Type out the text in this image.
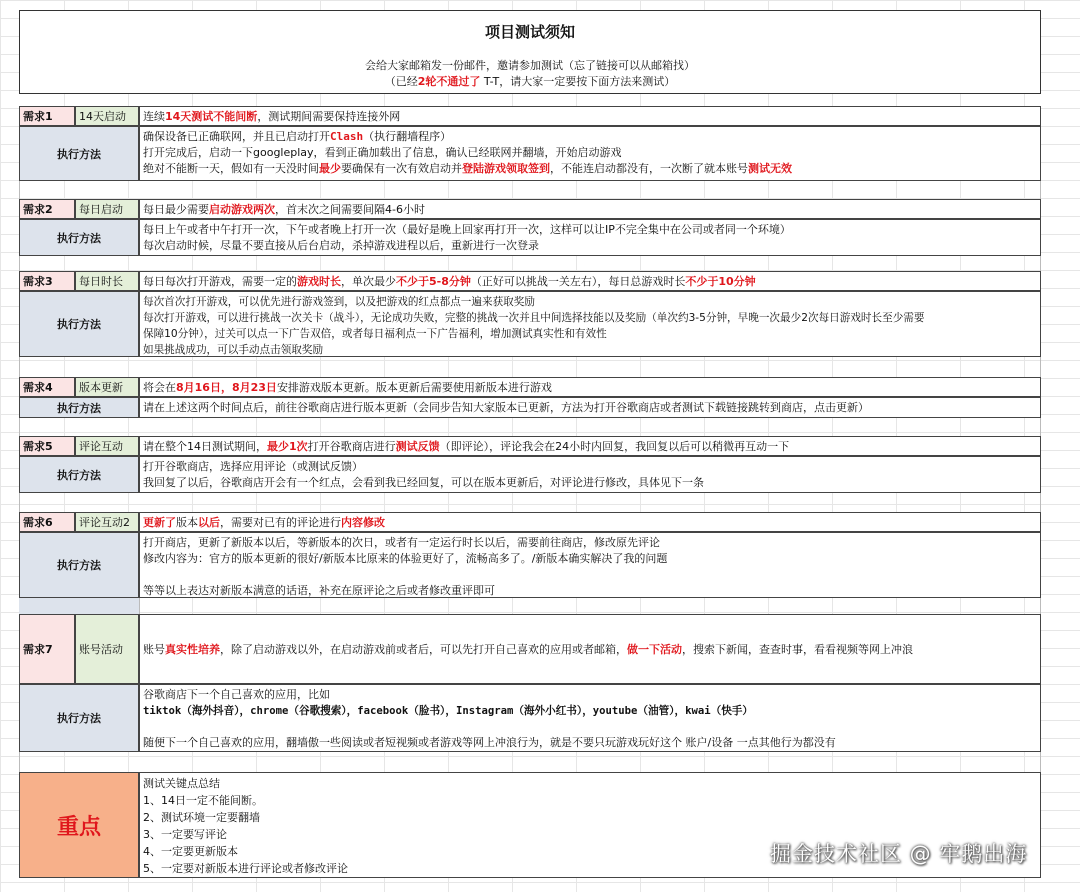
项目测试须知
会给大家邮箱发一份邮件，邀请参加测试（忘了链接可以从邮箱找）
（已经2轮不通过了 T-T，请大家一定要按下面方法来测试）
需求1	14天启动	连续 14天测试不能间断 ，测试期间需要保持连接外网
执行方法
确保设备已正确联网，并且已启动打开Clash（执行翻墙程序）
打开完成后，启动一下googleplay，看到正确加载出了信息，确认已经联网并翻墙，开始启动游戏
绝对不能断一天，假如有一天没时间最少要确保有一次有效启动并登陆游戏领取签到，不能连启动都没有，一次断了就本账号测试无效
需求2	每日启动	每日最少需要 启动游戏两次 ，首末次之间需要间隔4-6小时
执行方法
每日上午或者中午打开一次，下午或者晚上打开一次（最好是晚上回家再打开一次，这样可以让IP不完全集中在公司或者同一个环境）
每次启动时候，尽量不要直接从后台启动，杀掉游戏进程以后，重新进行一次登录
需求3	每日时长	每日每次打开游戏，需要一定的 游戏时长 ，单次最少 不少于5-8分钟 （正好可以挑战一关左右），每日总游戏时长 不少于10分钟
执行方法
每次首次打开游戏，可以优先进行游戏签到，以及把游戏的红点都点一遍来获取奖励
每次打开游戏，可以进行挑战一次关卡（战斗），无论成功失败，完整的挑战一次并且中间选择技能以及奖励（单次约3-5分钟，早晚一次最少2次每日游戏时长至少需要
保障10分钟），过关可以点一下广告双倍，或者每日福利点一下广告福利，增加测试真实性和有效性
如果挑战成功，可以手动点击领取奖励
需求4	版本更新	将会在 8月16日 ， 8月23日 安排游戏版本更新。版本更新后需要使用新版本进行游戏
执行方法	请在上述这两个时间点后，前往谷歌商店进行版本更新（会同步告知大家版本已更新，方法为打开谷歌商店或者测试下载链接跳转到商店，点击更新）
需求5	评论互动	请在整个14日测试期间， 最少1次 打开谷歌商店进行 测试反馈 （即评论），评论我会在24小时内回复，我回复以后可以稍微再互动一下
执行方法
打开谷歌商店，选择应用评论（或测试反馈）
我回复了以后，谷歌商店开会有一个红点，会看到我已经回复，可以在版本更新后，对评论进行修改，具体见下一条
需求6	评论互动2	更新了 版本 以后 ，需要对已有的评论进行 内容修改
执行方法
打开商店，更新了新版本以后，等新版本的次日，或者有一定运行时长以后，需要前往商店，修改原先评论
修改内容为：官方的版本更新的很好/新版本比原来的体验更好了，流畅高多了。/新版本确实解决了我的问题

等等以上表达对新版本满意的话语，补充在原评论之后或者修改重评即可
需求7	账号活动	账号 真实性培养 ，除了启动游戏以外，在启动游戏前或者后，可以先打开自己喜欢的应用或者邮箱， 做一下活动 ，搜索下新闻，查查时事，看看视频等网上冲浪
执行方法
谷歌商店下一个自己喜欢的应用，比如
tiktok（海外抖音），chrome（谷歌搜索），facebook（脸书），Instagram（海外小红书），youtube（油管），kwai（快手）

随便下一个自己喜欢的应用，翻墙傲一些阅读或者短视频或者游戏等网上冲浪行为，就是不要只玩游戏玩好这个 账户/设备 一点其他行为都没有
重点
测试关键点总结
1、14日一定不能间断。
2、测试环境一定要翻墙
3、一定要写评论
4、一定要更新版本
5、一定要对新版本进行评论或者修改评论
掘金技术社区 @ 牢鹅出海
